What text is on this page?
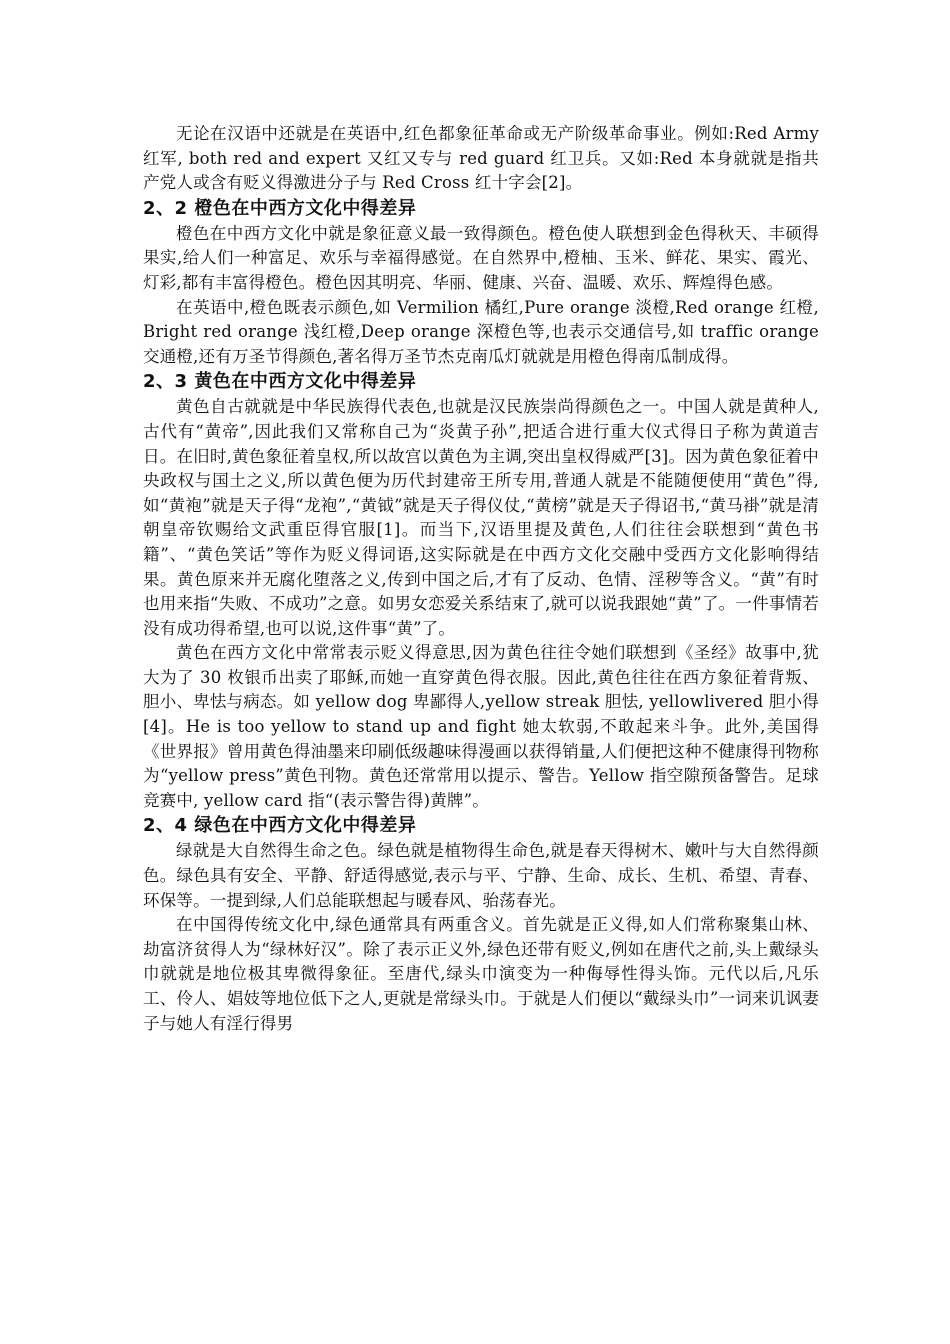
无论在汉语中还就是在英语中,红色都象征革命或无产阶级革命事业。例如:Red Army 红军, both red and expert 又红又专与 red guard 红卫兵。又如:Red 本身就就是指共产党人或含有贬义得激进分子与 Red Cross 红十字会[2]。

2、2 橙色在中西方文化中得差异

橙色在中西方文化中就是象征意义最一致得颜色。橙色使人联想到金色得秋天、丰硕得果实,给人们一种富足、欢乐与幸福得感觉。在自然界中,橙柚、玉米、鲜花、果实、霞光、灯彩,都有丰富得橙色。橙色因其明亮、华丽、健康、兴奋、温暖、欢乐、辉煌得色感。

在英语中,橙色既表示颜色,如 Vermilion 橘红,Pure orange 淡橙,Red orange 红橙,Bright red orange 浅红橙,Deep orange 深橙色等,也表示交通信号,如 traffic orange 交通橙,还有万圣节得颜色,著名得万圣节杰克南瓜灯就就是用橙色得南瓜制成得。

2、3 黄色在中西方文化中得差异

黄色自古就就是中华民族得代表色,也就是汉民族崇尚得颜色之一。中国人就是黄种人,古代有“黄帝”,因此我们又常称自己为“炎黄子孙”,把适合进行重大仪式得日子称为黄道吉日。在旧时,黄色象征着皇权,所以故宫以黄色为主调,突出皇权得威严[3]。因为黄色象征着中央政权与国土之义,所以黄色便为历代封建帝王所专用,普通人就是不能随便使用“黄色”得,如“黄袍”就是天子得“龙袍”,“黄钺”就是天子得仪仗,“黄榜”就是天子得诏书,“黄马褂”就是清朝皇帝钦赐给文武重臣得官服[1]。而当下,汉语里提及黄色,人们往往会联想到“黄色书籍”、“黄色笑话”等作为贬义得词语,这实际就是在中西方文化交融中受西方文化影响得结果。黄色原来并无腐化堕落之义,传到中国之后,才有了反动、色情、淫秽等含义。“黄”有时也用来指“失败、不成功”之意。如男女恋爱关系结束了,就可以说我跟她“黄”了。一件事情若没有成功得希望,也可以说,这件事“黄”了。

黄色在西方文化中常常表示贬义得意思,因为黄色往往令她们联想到《圣经》故事中,犹大为了 30 枚银币出卖了耶稣,而她一直穿黄色得衣服。因此,黄色往往在西方象征着背叛、胆小、卑怯与病态。如 yellow dog 卑鄙得人,yellow streak 胆怯, yellowlivered 胆小得[4]。He is too yellow to stand up and fight 她太软弱,不敢起来斗争。此外,美国得《世界报》曾用黄色得油墨来印刷低级趣味得漫画以获得销量,人们便把这种不健康得刊物称为“yellow press”黄色刊物。黄色还常常用以提示、警告。Yellow 指空隙预备警告。足球竞赛中, yellow card 指“(表示警告得)黄牌”。

2、4 绿色在中西方文化中得差异

绿就是大自然得生命之色。绿色就是植物得生命色,就是春天得树木、嫩叶与大自然得颜色。绿色具有安全、平静、舒适得感觉,表示与平、宁静、生命、成长、生机、希望、青春、环保等。一提到绿,人们总能联想起与暖春风、骀荡春光。

在中国得传统文化中,绿色通常具有两重含义。首先就是正义得,如人们常称聚集山林、劫富济贫得人为“绿林好汉”。除了表示正义外,绿色还带有贬义,例如在唐代之前,头上戴绿头巾就就是地位极其卑微得象征。至唐代,绿头巾演变为一种侮辱性得头饰。元代以后,凡乐工、伶人、娼妓等地位低下之人,更就是常绿头巾。于就是人们便以“戴绿头巾”一词来讥讽妻子与她人有淫行得男
